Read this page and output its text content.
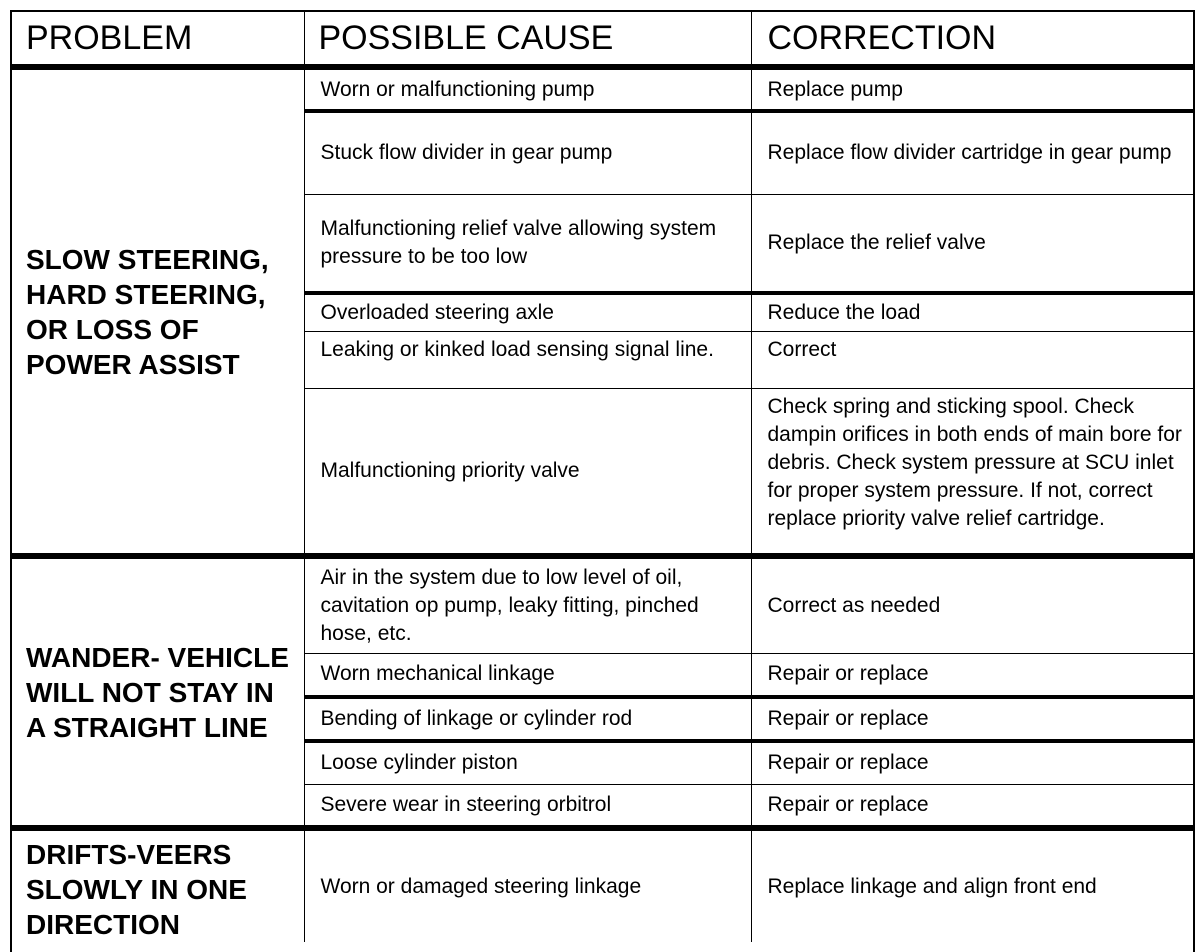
PROBLEM	POSSIBLE CAUSE	CORRECTION
SLOW STEERING, HARD STEERING, OR LOSS OF POWER ASSIST	Worn or malfunctioning pump	Replace pump
	Stuck flow divider in gear pump	Replace flow divider cartridge in gear pump
	Malfunctioning relief valve allowing system pressure to be too low	Replace the relief valve
	Overloaded steering axle	Reduce the load
	Leaking or kinked load sensing signal line.	Correct
	Malfunctioning priority valve	Check spring and sticking spool. Check dampin orifices in both ends of main bore for debris. Check system pressure at SCU inlet for proper system pressure. If not, correct replace priority valve relief cartridge.
WANDER- VEHICLE WILL NOT STAY IN A STRAIGHT LINE	Air in the system due to low level of oil, cavitation op pump, leaky fitting, pinched hose, etc.	Correct as needed
	Worn mechanical linkage	Repair or replace
	Bending of linkage or cylinder rod	Repair or replace
	Loose cylinder piston	Repair or replace
	Severe wear in steering orbitrol	Repair or replace
DRIFTS-VEERS SLOWLY IN ONE DIRECTION	Worn or damaged steering linkage	Replace linkage and align front end
